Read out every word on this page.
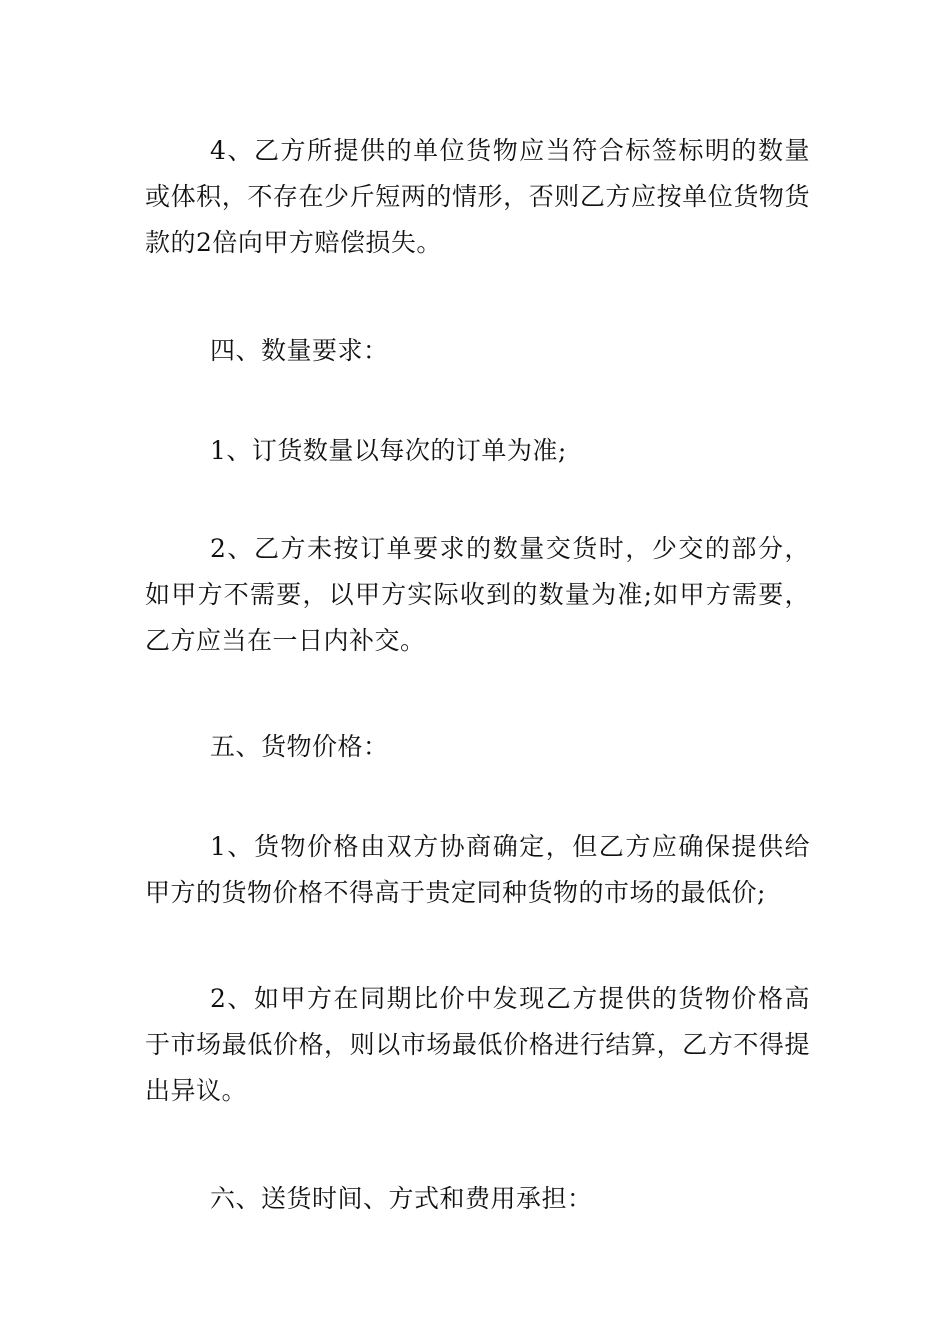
4、乙方所提供的单位货物应当符合标签标明的数量或体积，不存在少斤短两的情形，否则乙方应按单位货物货款的2倍向甲方赔偿损失。

四、数量要求：

1、订货数量以每次的订单为准;

2、乙方未按订单要求的数量交货时，少交的部分，如甲方不需要，以甲方实际收到的数量为准;如甲方需要，乙方应当在一日内补交。

五、货物价格：

1、货物价格由双方协商确定，但乙方应确保提供给甲方的货物价格不得高于贵定同种货物的市场的最低价;

2、如甲方在同期比价中发现乙方提供的货物价格高于市场最低价格，则以市场最低价格进行结算，乙方不得提出异议。

六、送货时间、方式和费用承担：
